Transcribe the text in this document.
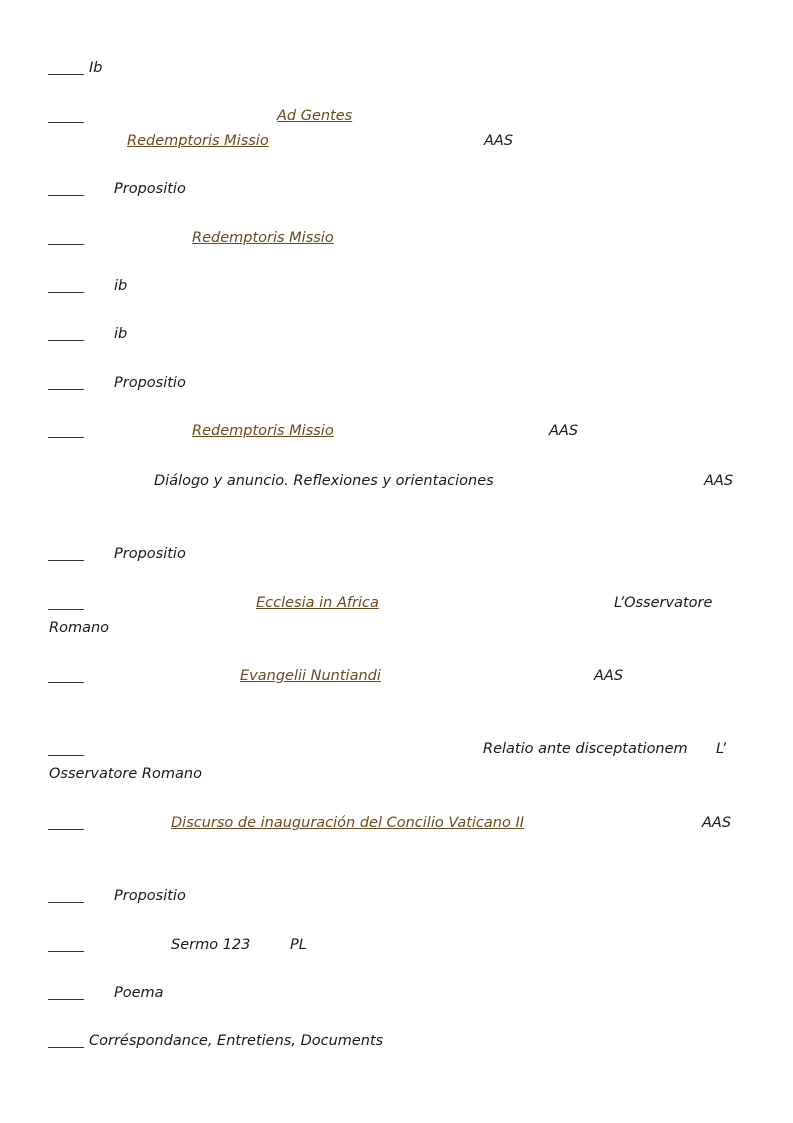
Ib
Ad Gentes
Redemptoris Missio	AAS
Propositio
Redemptoris Missio
ib
ib
Propositio
Redemptoris Missio	AAS
Diálogo y anuncio. Reflexiones y orientaciones	AAS
Propositio
Ecclesia in Africa	L’Osservatore
Romano
Evangelii Nuntiandi	AAS
Relatio ante disceptationem L’
Osservatore Romano
Discurso de inauguración del Concilio Vaticano II	AAS
Propositio
Sermo 123	PL
Poema
Corréspondance, Entretiens, Documents
